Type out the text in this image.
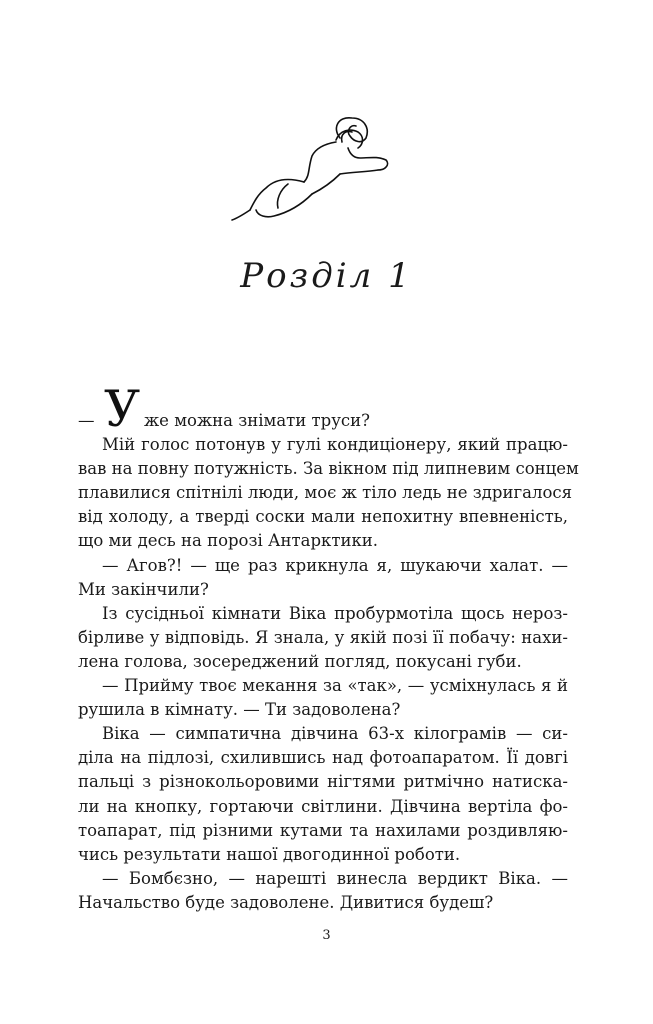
Розділ 1
У
—	же можна знімати труси?
Мій голос потонув у гулі кондиціонеру, який працю-
вав на повну потужність. За вікном під липневим сонцем
плавилися спітнілі люди, моє ж тіло ледь не здригалося
від холоду, а тверді соски мали непохитну впевненість,
що ми десь на порозі Антарктики.
— Агов?! — ще раз крикнула я, шукаючи халат. —
Ми закінчили?
Із сусідньої кімнати Віка пробурмотіла щось нероз-
бірливе у відповідь. Я знала, у якій позі її побачу: нахи-
лена голова, зосереджений погляд, покусані губи.
— Прийму твоє мекання за «так», — усміхнулась я й
рушила в кімнату. — Ти задоволена?
Віка — симпатична дівчина 63-х кілограмів — си-
діла на підлозі, схилившись над фотоапаратом. Її довгі
пальці з різнокольоровими нігтями ритмічно натиска-
ли на кнопку, гортаючи світлини. Дівчина вертіла фо-
тоапарат, під різними кутами та нахилами роздивляю-
чись результати нашої двогодинної роботи.
— Бомбєзно, — нарешті винесла вердикт Віка. —
Начальство буде задоволене. Дивитися будеш?
3
